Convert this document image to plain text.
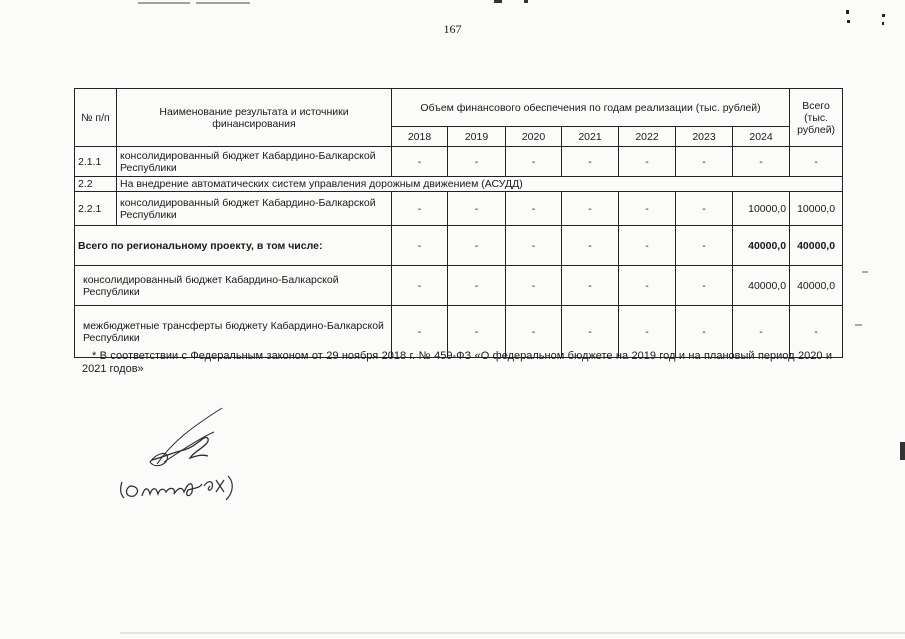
167
№ п/п	Наименование результата и источники финансирования	Объем финансового обеспечения по годам реализации (тыс. рублей)							Всего (тыс. рублей)
		2018	2019	2020	2021	2022	2023	2024	
2.1.1	консолидированный бюджет Кабардино-Балкарской Республики	-	-	-	-	-	-	-	-
2.2	На внедрение автоматических систем управления дорожным движением (АСУДД)								
2.2.1	консолидированный бюджет Кабардино-Балкарской Республики	-	-	-	-	-	-	10000,0	10000,0
Всего по региональному проекту, в том числе:		-	-	-	-	-	-	40000,0	40000,0
консолидированный бюджет Кабардино-Балкарской Республики		-	-	-	-	-	-	40000,0	40000,0
межбюджетные трансферты бюджету Кабардино-Балкарской Республики		-	-	-	-	-	-	-	-
* В соответствии с Федеральным законом от 29 ноября 2018 г. № 459-ФЗ «О федеральном бюджете на 2019 год и на плановый период 2020 и 2021 годов»
